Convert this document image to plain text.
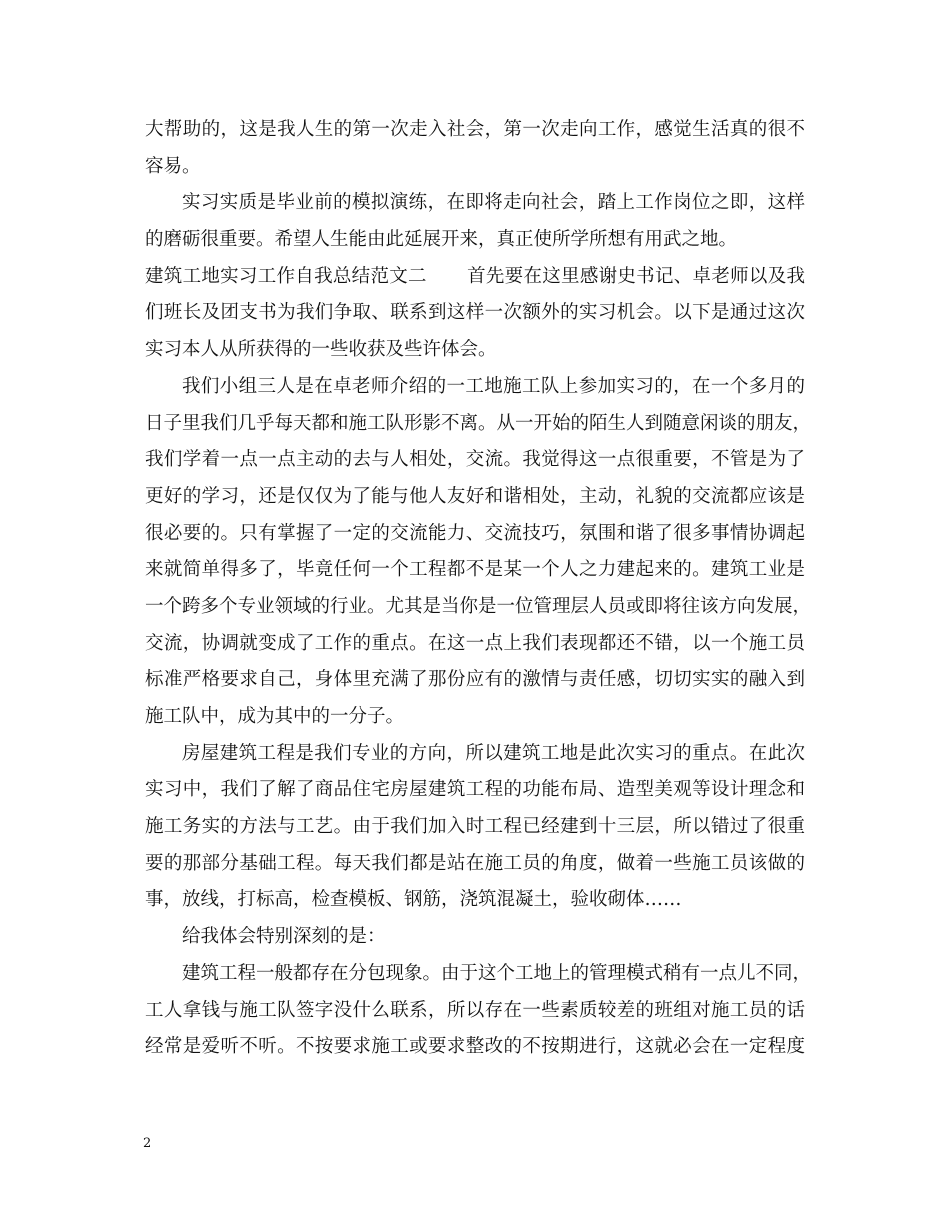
大帮助的，这是我人生的第一次走入社会，第一次走向工作，感觉生活真的很不
容易。
实习实质是毕业前的模拟演练，在即将走向社会，踏上工作岗位之即，这样
的磨砺很重要。希望人生能由此延展开来，真正使所学所想有用武之地。
建筑工地实习工作自我总结范文二 首先要在这里感谢史书记、卓老师以及我
们班长及团支书为我们争取、联系到这样一次额外的实习机会。以下是通过这次
实习本人从所获得的一些收获及些许体会。
我们小组三人是在卓老师介绍的一工地施工队上参加实习的，在一个多月的
日子里我们几乎每天都和施工队形影不离。从一开始的陌生人到随意闲谈的朋友，
我们学着一点一点主动的去与人相处，交流。我觉得这一点很重要，不管是为了
更好的学习，还是仅仅为了能与他人友好和谐相处，主动，礼貌的交流都应该是
很必要的。只有掌握了一定的交流能力、交流技巧，氛围和谐了很多事情协调起
来就简单得多了，毕竟任何一个工程都不是某一个人之力建起来的。建筑工业是
一个跨多个专业领域的行业。尤其是当你是一位管理层人员或即将往该方向发展，
交流，协调就变成了工作的重点。在这一点上我们表现都还不错，以一个施工员
标准严格要求自己，身体里充满了那份应有的激情与责任感，切切实实的融入到
施工队中，成为其中的一分子。
房屋建筑工程是我们专业的方向，所以建筑工地是此次实习的重点。在此次
实习中，我们了解了商品住宅房屋建筑工程的功能布局、造型美观等设计理念和
施工务实的方法与工艺。由于我们加入时工程已经建到十三层，所以错过了很重
要的那部分基础工程。每天我们都是站在施工员的角度，做着一些施工员该做的
事，放线，打标高，检查模板、钢筋，浇筑混凝土，验收砌体……
给我体会特别深刻的是：
建筑工程一般都存在分包现象。由于这个工地上的管理模式稍有一点儿不同，
工人拿钱与施工队签字没什么联系，所以存在一些素质较差的班组对施工员的话
经常是爱听不听。不按要求施工或要求整改的不按期进行，这就必会在一定程度
2
